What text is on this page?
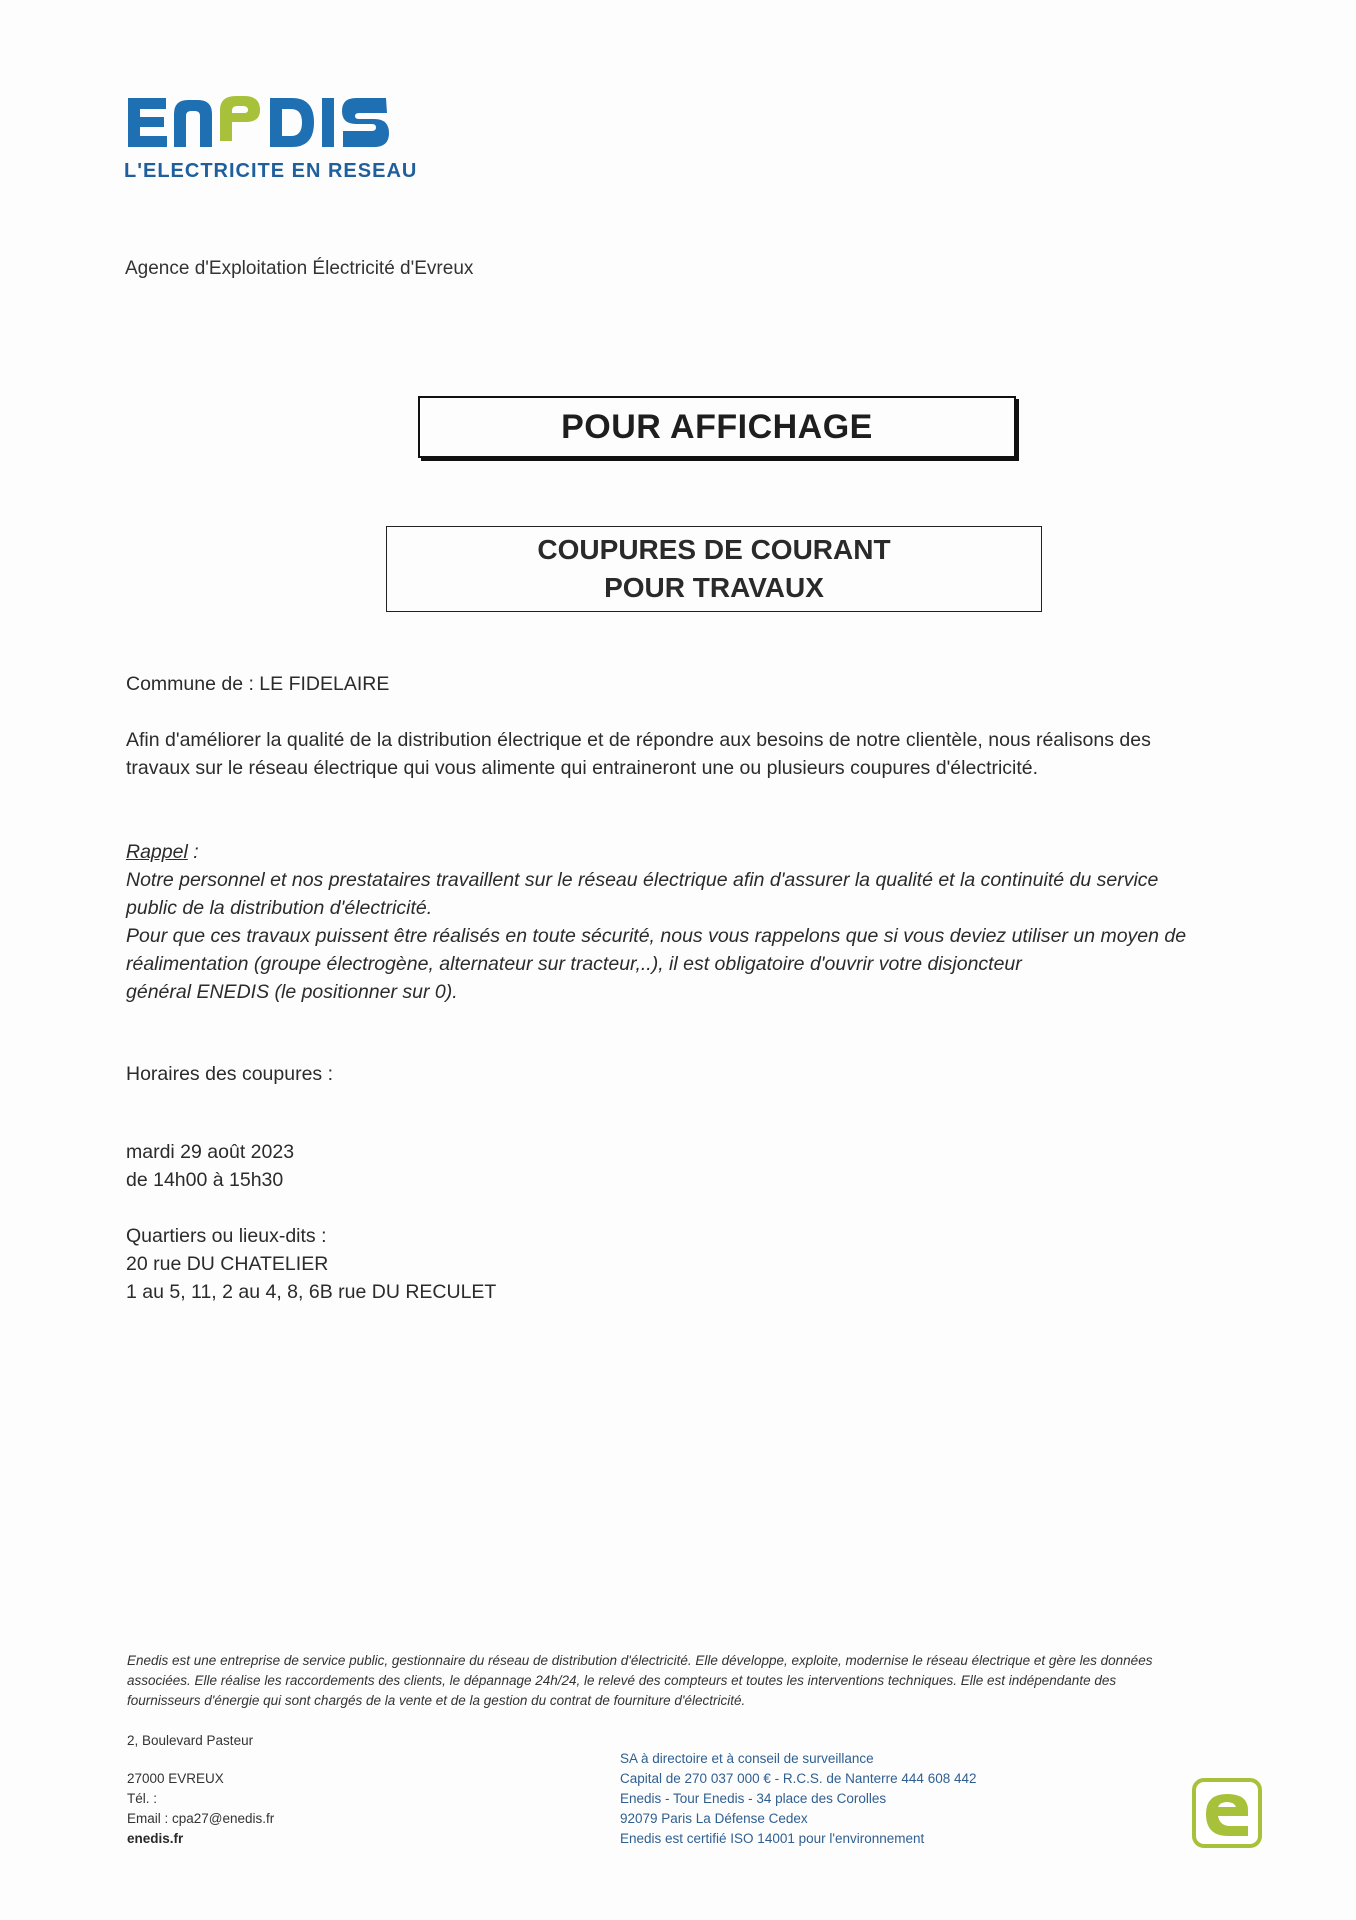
L'ELECTRICITE EN RESEAU
Agence d'Exploitation Électricité d'Evreux
POUR AFFICHAGE
COUPURES DE COURANT
POUR TRAVAUX
Commune de : LE FIDELAIRE
Afin d'améliorer la qualité de la distribution électrique et de répondre aux besoins de notre clientèle, nous réalisons des
travaux sur le réseau électrique qui vous alimente qui entraineront une ou plusieurs coupures d'électricité.
Rappel :
Notre personnel et nos prestataires travaillent sur le réseau électrique afin d'assurer la qualité et la continuité du service
public de la distribution d'électricité.
Pour que ces travaux puissent être réalisés en toute sécurité, nous vous rappelons que si vous deviez utiliser un moyen de
réalimentation (groupe électrogène, alternateur sur tracteur,..), il est obligatoire d'ouvrir votre disjoncteur
général ENEDIS (le positionner sur 0).
Horaires des coupures :
mardi 29 août 2023
de 14h00 à 15h30
Quartiers ou lieux-dits :
20 rue DU CHATELIER
1 au 5, 11, 2 au 4, 8, 6B rue DU RECULET
Enedis est une entreprise de service public, gestionnaire du réseau de distribution d'électricité. Elle développe, exploite, modernise le réseau électrique et gère les données
associées. Elle réalise les raccordements des clients, le dépannage 24h/24, le relevé des compteurs et toutes les interventions techniques. Elle est indépendante des
fournisseurs d'énergie qui sont chargés de la vente et de la gestion du contrat de fourniture d'électricité.
2, Boulevard Pasteur
27000 EVREUX
Tél. :
Email : cpa27@enedis.fr
enedis.fr
SA à directoire et à conseil de surveillance
Capital de 270 037 000 € - R.C.S. de Nanterre 444 608 442
Enedis - Tour Enedis - 34 place des Corolles
92079 Paris La Défense Cedex
Enedis est certifié ISO 14001 pour l'environnement
